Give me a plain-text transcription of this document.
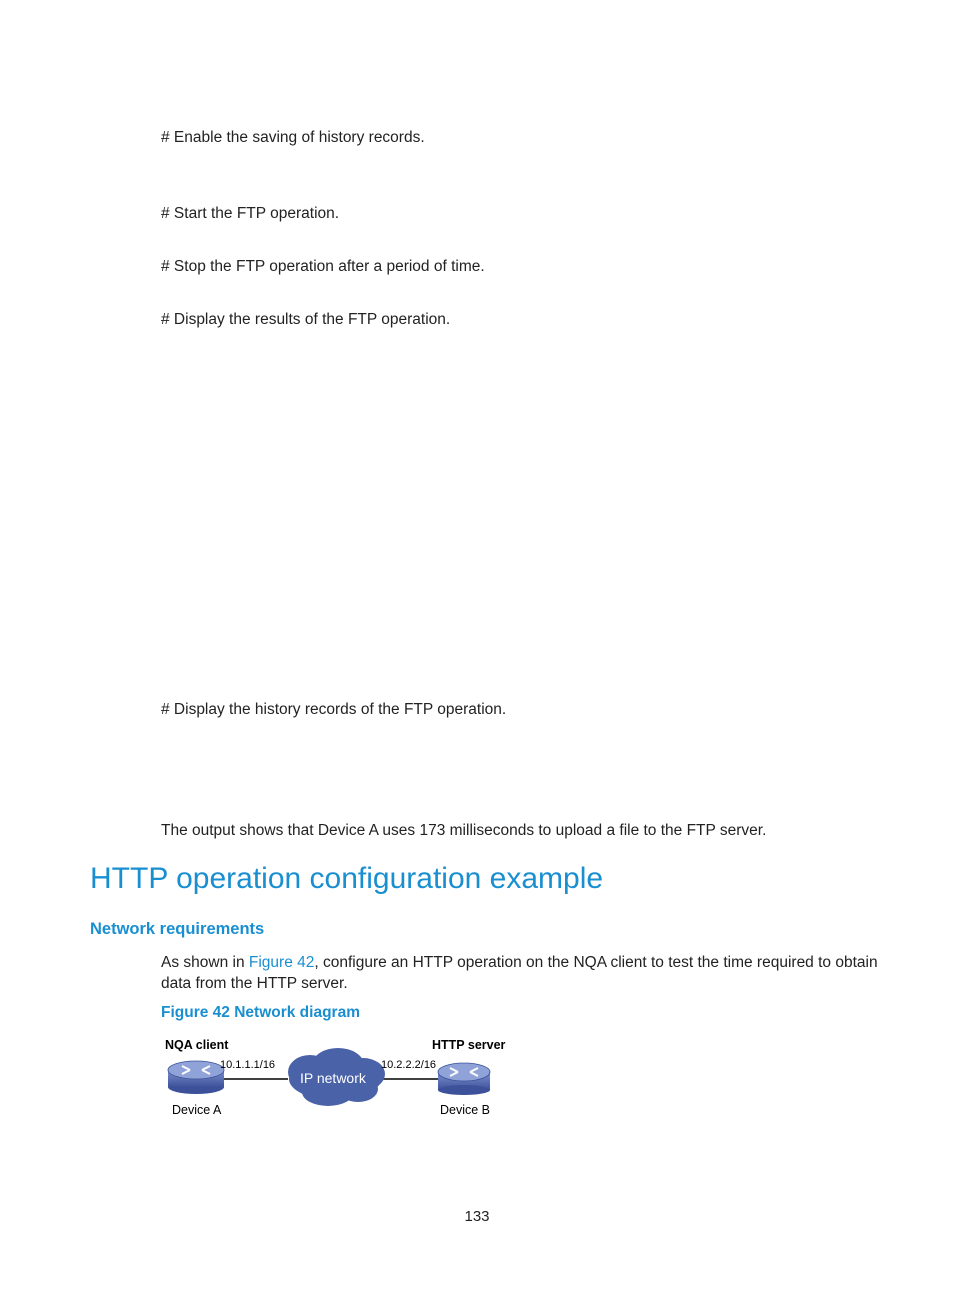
# Enable the saving of history records.
# Start the FTP operation.
# Stop the FTP operation after a period of time.
# Display the results of the FTP operation.
# Display the history records of the FTP operation.
The output shows that Device A uses 173 milliseconds to upload a file to the FTP server.
HTTP operation configuration example
Network requirements
As shown in Figure 42, configure an HTTP operation on the NQA client to test the time required to obtain data from the HTTP server.
Figure 42 Network diagram
NQA client	HTTP server
10.1.1.1/16	10.2.2.2/16
IP network
Device A	Device B
133
